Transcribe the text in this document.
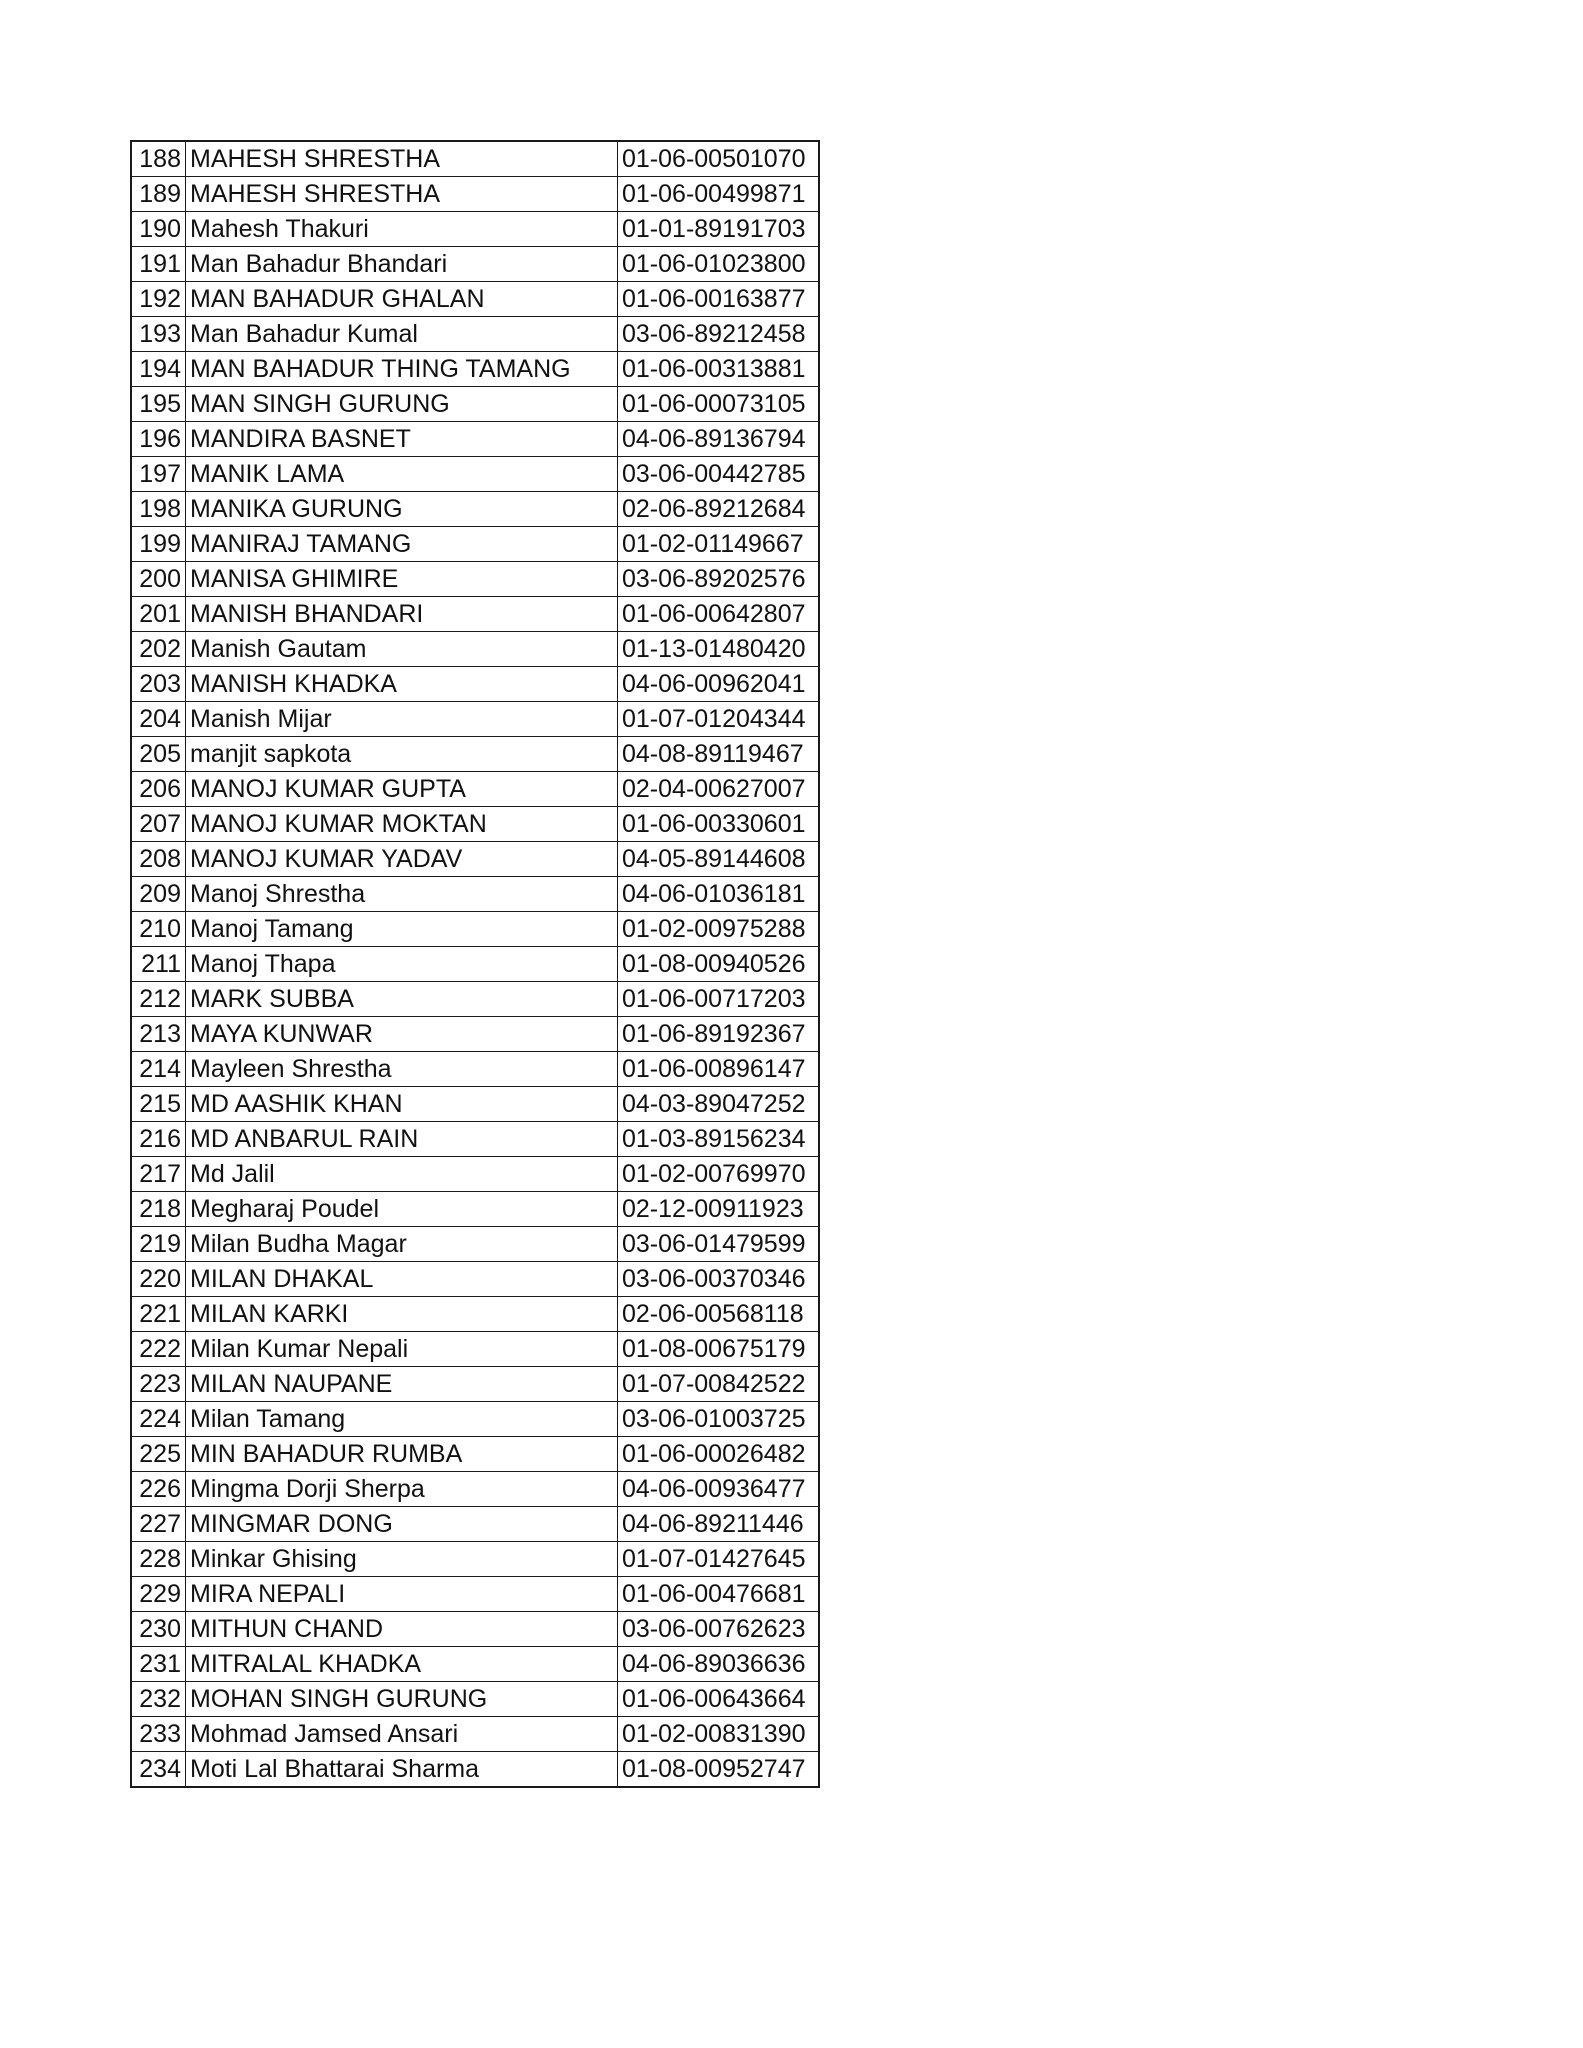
188	MAHESH SHRESTHA	01-06-00501070
189	MAHESH SHRESTHA	01-06-00499871
190	Mahesh Thakuri	01-01-89191703
191	Man Bahadur Bhandari	01-06-01023800
192	MAN BAHADUR GHALAN	01-06-00163877
193	Man Bahadur Kumal	03-06-89212458
194	MAN BAHADUR THING TAMANG	01-06-00313881
195	MAN SINGH GURUNG	01-06-00073105
196	MANDIRA BASNET	04-06-89136794
197	MANIK LAMA	03-06-00442785
198	MANIKA GURUNG	02-06-89212684
199	MANIRAJ TAMANG	01-02-01149667
200	MANISA GHIMIRE	03-06-89202576
201	MANISH BHANDARI	01-06-00642807
202	Manish Gautam	01-13-01480420
203	MANISH KHADKA	04-06-00962041
204	Manish Mijar	01-07-01204344
205	manjit sapkota	04-08-89119467
206	MANOJ KUMAR GUPTA	02-04-00627007
207	MANOJ KUMAR MOKTAN	01-06-00330601
208	MANOJ KUMAR YADAV	04-05-89144608
209	Manoj Shrestha	04-06-01036181
210	Manoj Tamang	01-02-00975288
211	Manoj Thapa	01-08-00940526
212	MARK SUBBA	01-06-00717203
213	MAYA KUNWAR	01-06-89192367
214	Mayleen Shrestha	01-06-00896147
215	MD AASHIK KHAN	04-03-89047252
216	MD ANBARUL RAIN	01-03-89156234
217	Md Jalil	01-02-00769970
218	Megharaj Poudel	02-12-00911923
219	Milan Budha Magar	03-06-01479599
220	MILAN DHAKAL	03-06-00370346
221	MILAN KARKI	02-06-00568118
222	Milan Kumar Nepali	01-08-00675179
223	MILAN NAUPANE	01-07-00842522
224	Milan Tamang	03-06-01003725
225	MIN BAHADUR RUMBA	01-06-00026482
226	Mingma Dorji Sherpa	04-06-00936477
227	MINGMAR DONG	04-06-89211446
228	Minkar Ghising	01-07-01427645
229	MIRA NEPALI	01-06-00476681
230	MITHUN CHAND	03-06-00762623
231	MITRALAL KHADKA	04-06-89036636
232	MOHAN SINGH GURUNG	01-06-00643664
233	Mohmad Jamsed Ansari	01-02-00831390
234	Moti Lal Bhattarai Sharma	01-08-00952747
